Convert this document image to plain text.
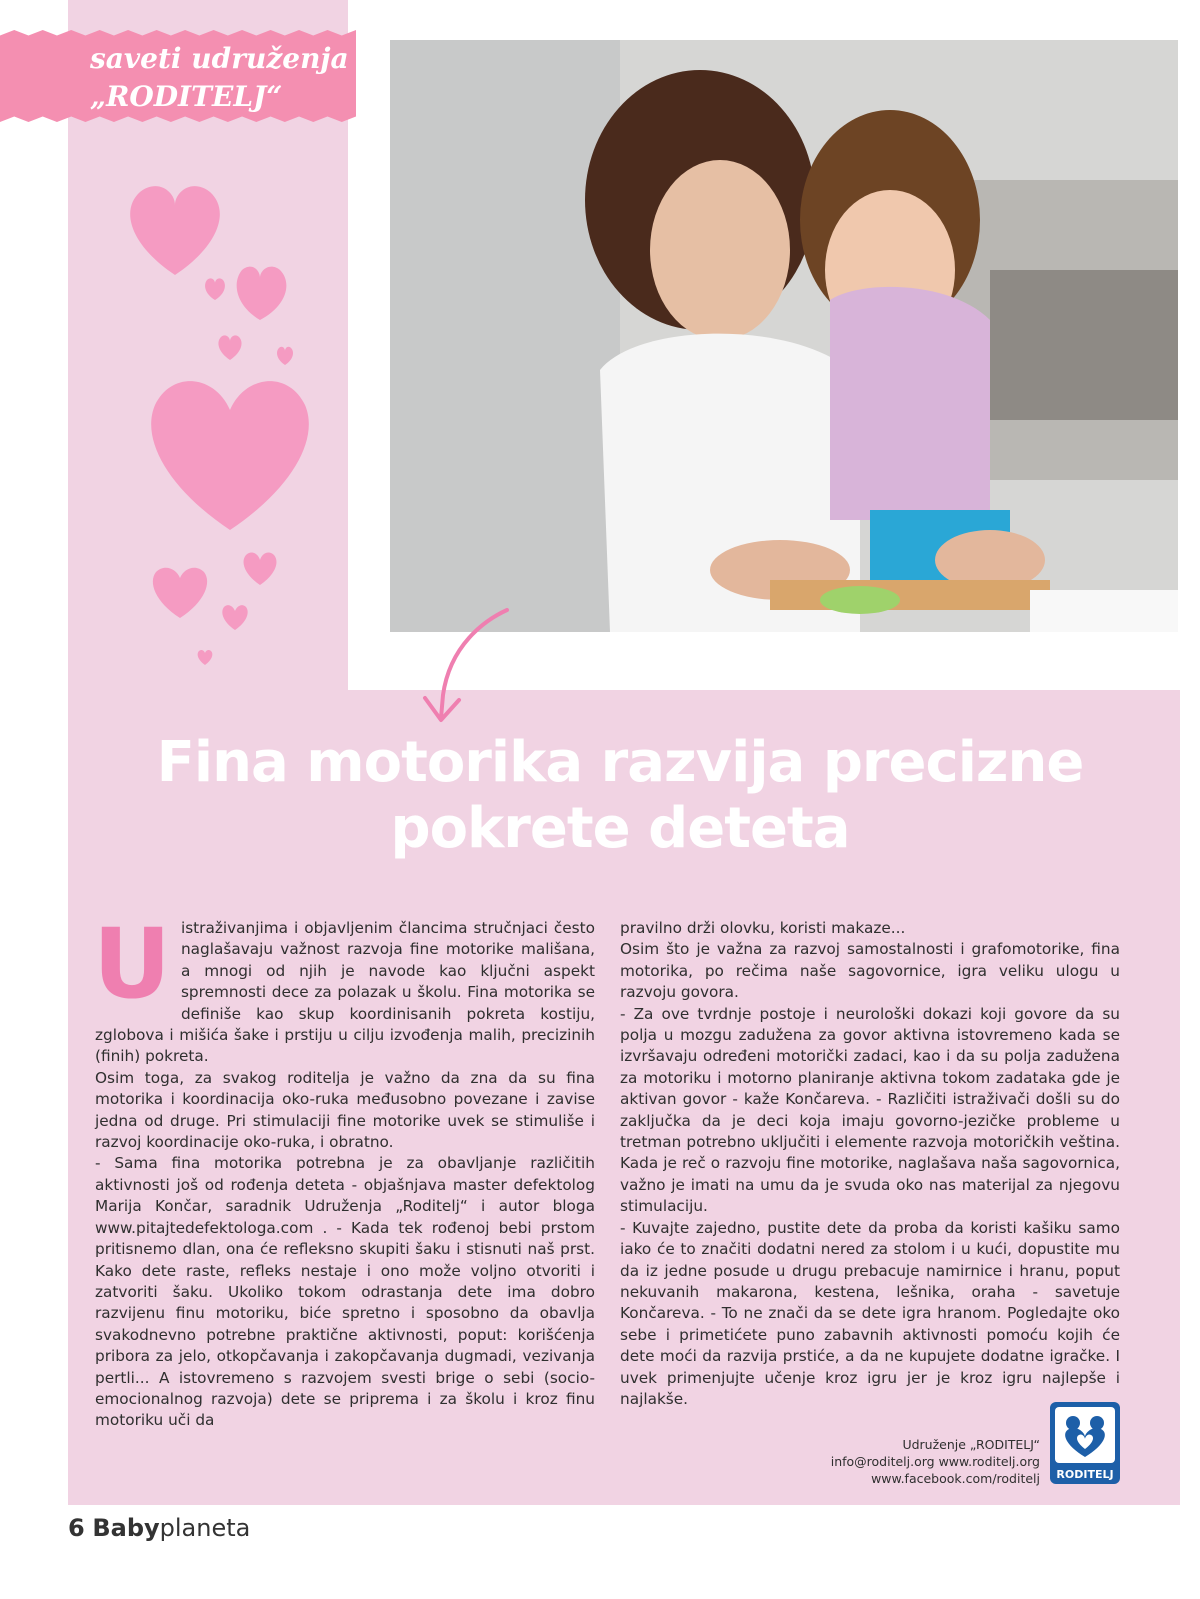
saveti udruženja
„RODITELJ“
Fina motorika razvija precizne
pokrete deteta
U istraživanjima i objavljenim člancima stručnjaci često naglašavaju važnost razvoja fine motorike mališana, a mnogi od njih je navode kao ključni aspekt spremnosti dece za polazak u školu. Fina motorika se definiše kao skup koordinisanih pokreta kostiju, zglobova i mišića šake i prstiju u cilju izvođenja malih, precizinih (finih) pokreta.

Osim toga, za svakog roditelja je važno da zna da su fina motorika i koordinacija oko-ruka međusobno povezane i zavise jedna od druge. Pri stimulaciji fine motorike uvek se stimuliše i razvoj koordinacije oko-ruka, i obratno.

- Sama fina motorika potrebna je za obavljanje različitih aktivnosti još od rođenja deteta - objašnjava master defektolog Marija Končar, saradnik Udruženja „Roditelj“ i autor bloga www.pitajtedefektologa.com . - Kada tek rođenoj bebi prstom pritisnemo dlan, ona će refleksno skupiti šaku i stisnuti naš prst. Kako dete raste, refleks nestaje i ono može voljno otvoriti i zatvoriti šaku. Ukoliko tokom odrastanja dete ima dobro razvijenu finu motoriku, biće spretno i sposobno da obavlja svakodnevno potrebne praktične aktivnosti, poput: korišćenja pribora za jelo, otkopčavanja i zakopčavanja dugmadi, vezivanja pertli... A istovremeno s razvojem svesti brige o sebi (socio-emocionalnog razvoja) dete se priprema i za školu i kroz finu motoriku uči da

pravilno drži olovku, koristi makaze...

Osim što je važna za razvoj samostalnosti i grafomotorike, fina motorika, po rečima naše sagovornice, igra veliku ulogu u razvoju govora.

- Za ove tvrdnje postoje i neurološki dokazi koji govore da su polja u mozgu zadužena za govor aktivna istovremeno kada se izvršavaju određeni motorički zadaci, kao i da su polja zadužena za motoriku i motorno planiranje aktivna tokom zadataka gde je aktivan govor - kaže Končareva. - Različiti istraživači došli su do zaključka da je deci koja imaju govorno-jezičke probleme u tretman potrebno uključiti i elemente razvoja motoričkih veština. Kada je reč o razvoju fine motorike, naglašava naša sagovornica, važno je imati na umu da je svuda oko nas materijal za njegovu stimulaciju.

- Kuvajte zajedno, pustite dete da proba da koristi kašiku samo iako će to značiti dodatni nered za stolom i u kući, dopustite mu da iz jedne posude u drugu prebacuje namirnice i hranu, poput nekuvanih makarona, kestena, lešnika, oraha - savetuje Končareva. - To ne znači da se dete igra hranom. Pogledajte oko sebe i primetićete puno zabavnih aktivnosti pomoću kojih će dete moći da razvija prstiće, a da ne kupujete dodatne igračke. I uvek primenjujte učenje kroz igru jer je kroz igru najlepše i najlakše.

Udruženje „RODITELJ“
info@roditelj.org www.roditelj.org
www.facebook.com/roditelj	RODITELJ
6 Babyplaneta
